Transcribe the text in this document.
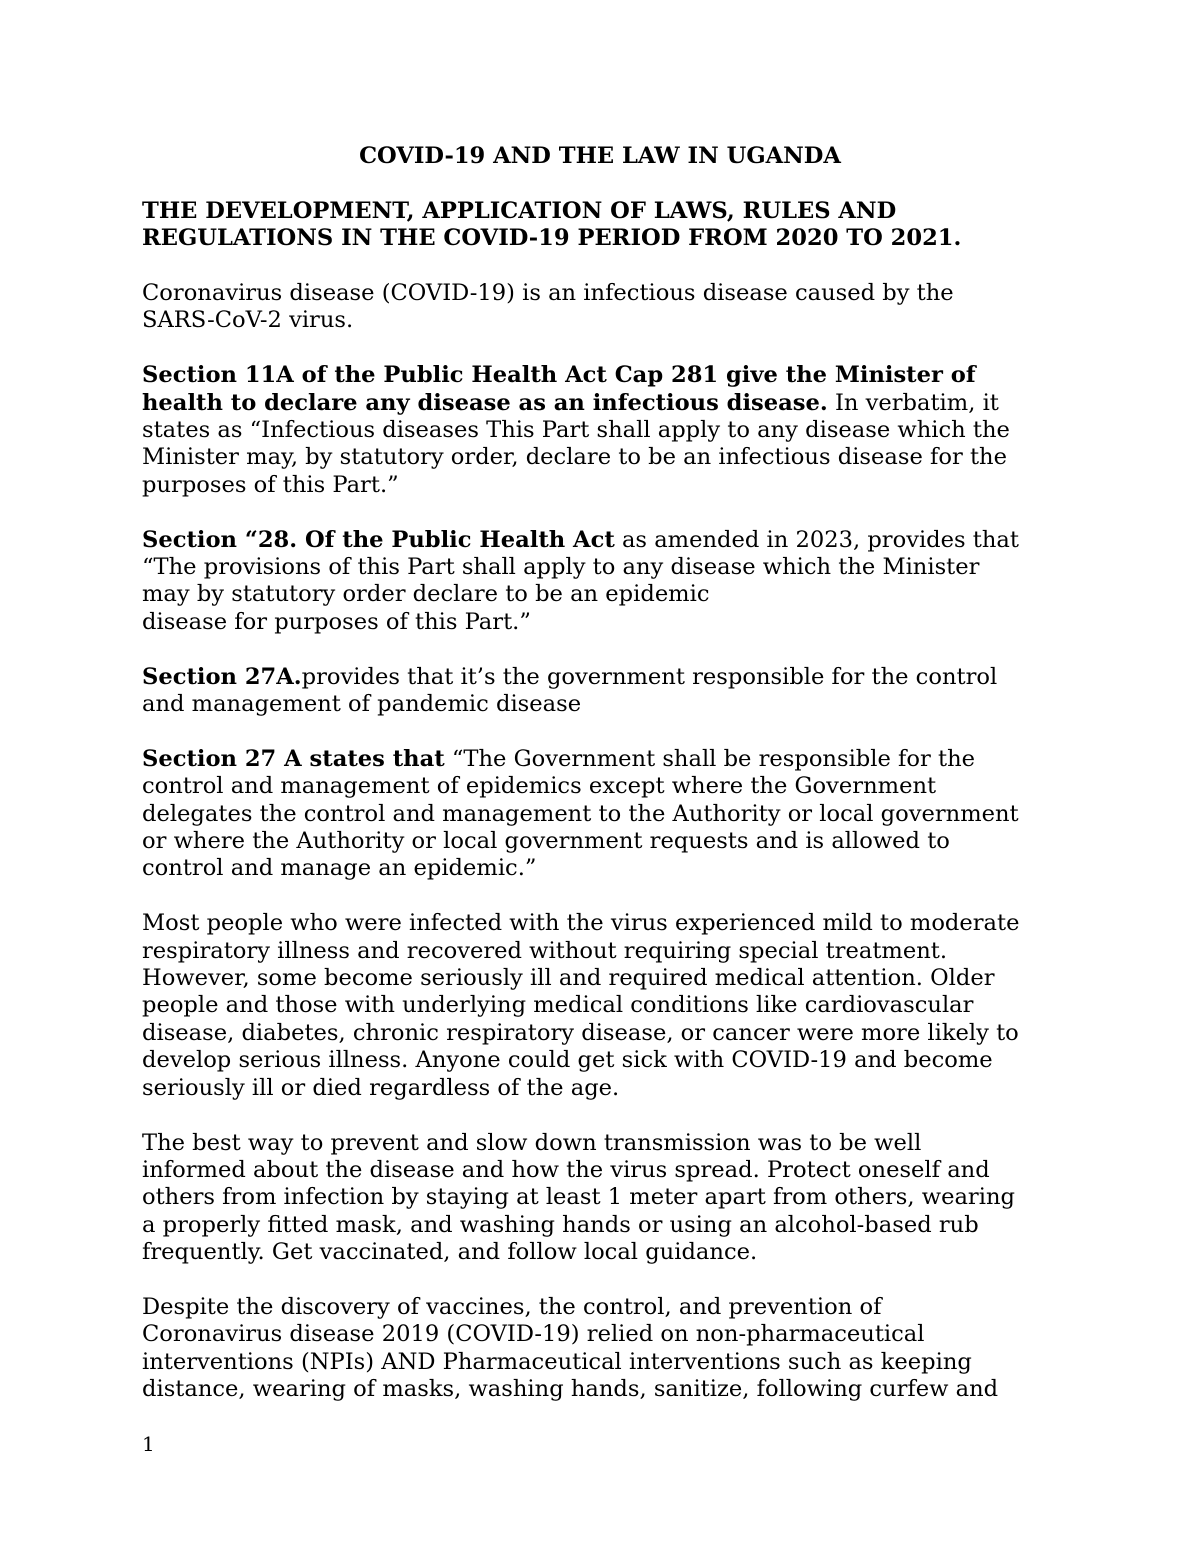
COVID-19 AND THE LAW IN UGANDA
THE DEVELOPMENT, APPLICATION OF LAWS, RULES AND
REGULATIONS IN THE COVID-19 PERIOD FROM 2020 TO 2021.
Coronavirus disease (COVID-19) is an infectious disease caused by the
SARS-CoV-2 virus.
Section 11A of the Public Health Act Cap 281 give the Minister of
health to declare any disease as an infectious disease. In verbatim, it
states as “Infectious diseases This Part shall apply to any disease which the
Minister may, by statutory order, declare to be an infectious disease for the
purposes of this Part.”
Section “28. Of the Public Health Act as amended in 2023, provides that
“The provisions of this Part shall apply to any disease which the Minister
may by statutory order declare to be an epidemic
disease for purposes of this Part.”
Section 27A.provides that it’s the government responsible for the control
and management of pandemic disease
Section 27 A states that “The Government shall be responsible for the
control and management of epidemics except where the Government
delegates the control and management to the Authority or local government
or where the Authority or local government requests and is allowed to
control and manage an epidemic.”
Most people who were infected with the virus experienced mild to moderate
respiratory illness and recovered without requiring special treatment.
However, some become seriously ill and required medical attention. Older
people and those with underlying medical conditions like cardiovascular
disease, diabetes, chronic respiratory disease, or cancer were more likely to
develop serious illness. Anyone could get sick with COVID-19 and become
seriously ill or died regardless of the age.
The best way to prevent and slow down transmission was to be well
informed about the disease and how the virus spread. Protect oneself and
others from infection by staying at least 1 meter apart from others, wearing
a properly fitted mask, and washing hands or using an alcohol-based rub
frequently. Get vaccinated, and follow local guidance.
Despite the discovery of vaccines, the control, and prevention of
Coronavirus disease 2019 (COVID-19) relied on non-pharmaceutical
interventions (NPIs) AND Pharmaceutical interventions such as keeping
distance, wearing of masks, washing hands, sanitize, following curfew and
1
